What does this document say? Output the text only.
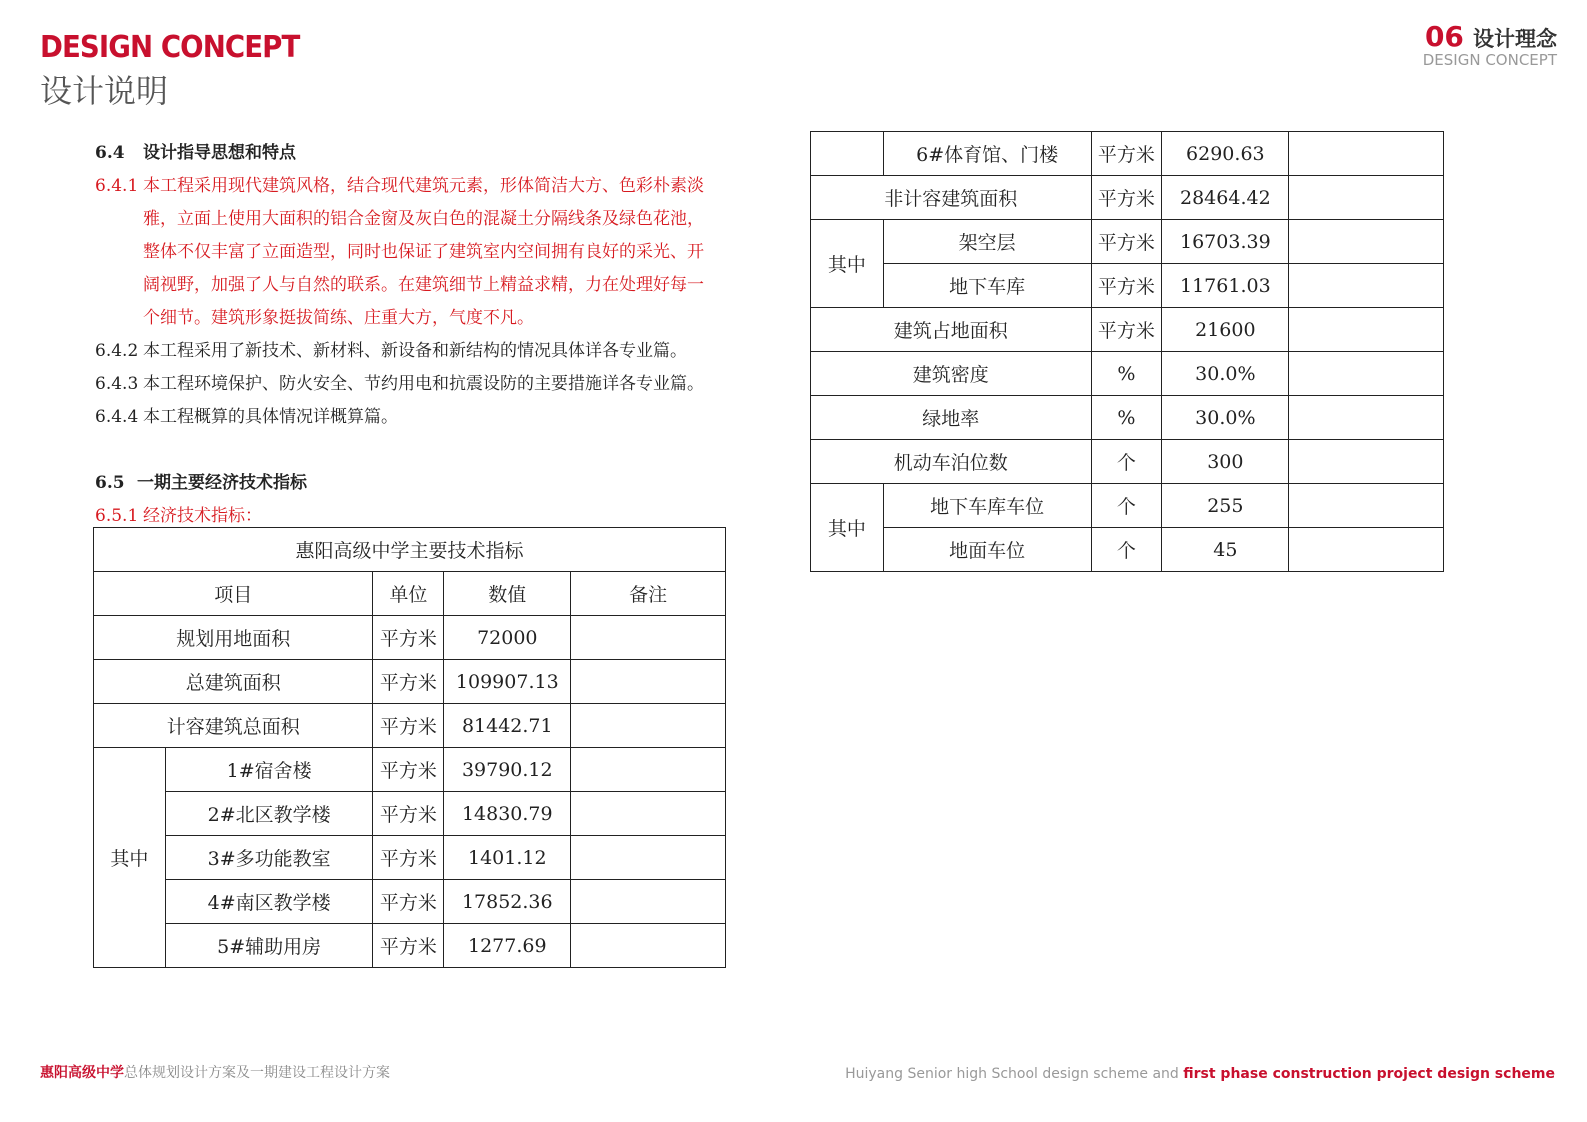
DESIGN CONCEPT
设计说明
06 设计理念
DESIGN CONCEPT
6.4	设计指导思想和特点
6.4.1 本工程采用现代建筑风格，结合现代建筑元素，形体简洁大方、色彩朴素淡
雅，立面上使用大面积的铝合金窗及灰白色的混凝土分隔线条及绿色花池，
整体不仅丰富了立面造型，同时也保证了建筑室内空间拥有良好的采光、开
阔视野，加强了人与自然的联系。在建筑细节上精益求精，力在处理好每一
个细节。建筑形象挺拔简练、庄重大方，气度不凡。
6.4.2 本工程采用了新技术、新材料、新设备和新结构的情况具体详各专业篇。
6.4.3 本工程环境保护、防火安全、节约用电和抗震设防的主要措施详各专业篇。
6.4.4 本工程概算的具体情况详概算篇。
6.5 一期主要经济技术指标
6.5.1 经济技术指标：
惠阳高级中学主要技术指标				
项目		单位	数值	备注
规划用地面积		平方米	72000	
总建筑面积		平方米	109907.13	
计容建筑总面积		平方米	81442.71	
其中	1#宿舍楼	平方米	39790.12	
	2#北区教学楼	平方米	14830.79	
	3#多功能教室	平方米	1401.12	
	4#南区教学楼	平方米	17852.36	
	5#辅助用房	平方米	1277.69	
	6#体育馆、门楼	平方米	6290.63	
非计容建筑面积		平方米	28464.42	
其中	架空层	平方米	16703.39	
	地下车库	平方米	11761.03	
建筑占地面积		平方米	21600	
建筑密度		%	30.0%	
绿地率		%	30.0%	
机动车泊位数		个	300	
其中	地下车库车位	个	255	
	地面车位	个	45	
惠阳高级中学总体规划设计方案及一期建设工程设计方案	Huiyang Senior high School design scheme and first phase construction project design scheme
